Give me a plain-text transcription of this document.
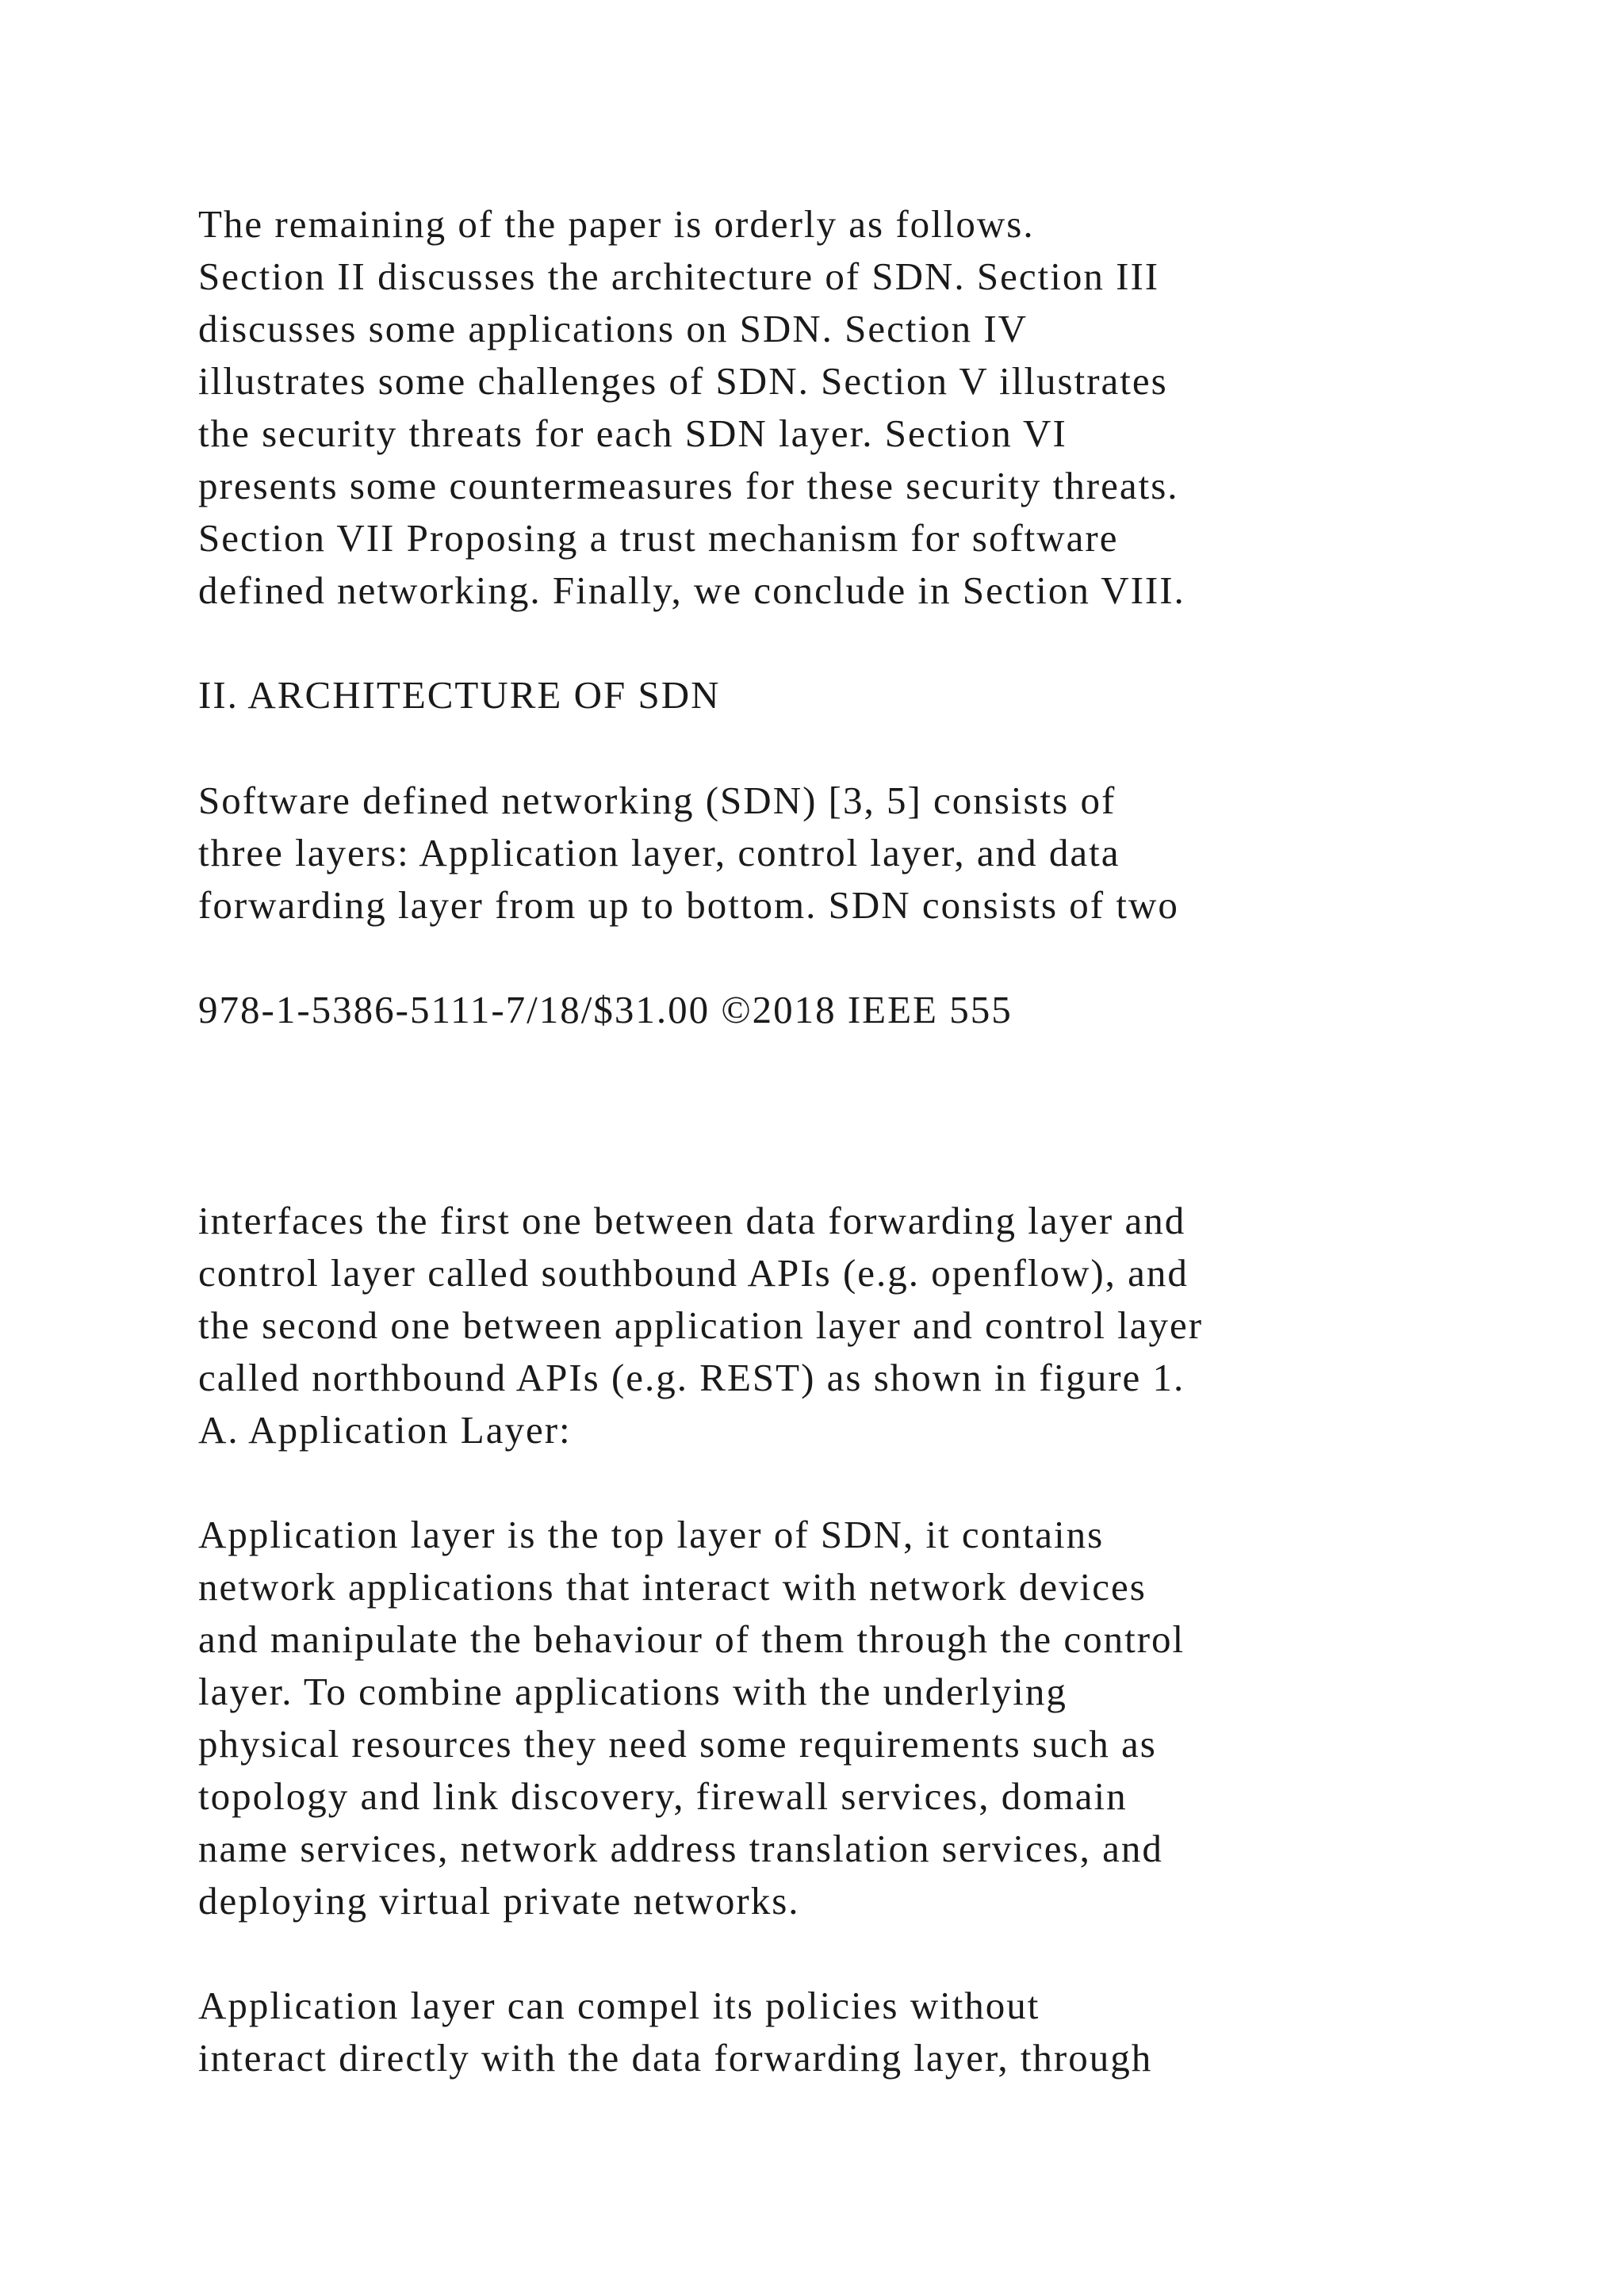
The remaining of the paper is orderly as follows.

Section II discusses the architecture of SDN. Section III

discusses some applications on SDN. Section IV

illustrates some challenges of SDN. Section V illustrates

the security threats for each SDN layer. Section VI

presents some countermeasures for these security threats.

Section VII Proposing a trust mechanism for software

defined networking. Finally, we conclude in Section VIII.

II. ARCHITECTURE OF SDN

Software defined networking (SDN) [3, 5] consists of

three layers: Application layer, control layer, and data

forwarding layer from up to bottom. SDN consists of two

978-1-5386-5111-7/18/$31.00 ©2018 IEEE 555

interfaces the first one between data forwarding layer and

control layer called southbound APIs (e.g. openflow), and

the second one between application layer and control layer

called northbound APIs (e.g. REST) as shown in figure 1.

A. Application Layer:

Application layer is the top layer of SDN, it contains

network applications that interact with network devices

and manipulate the behaviour of them through the control

layer. To combine applications with the underlying

physical resources they need some requirements such as

topology and link discovery, firewall services, domain

name services, network address translation services, and

deploying virtual private networks.

Application layer can compel its policies without

interact directly with the data forwarding layer, through
